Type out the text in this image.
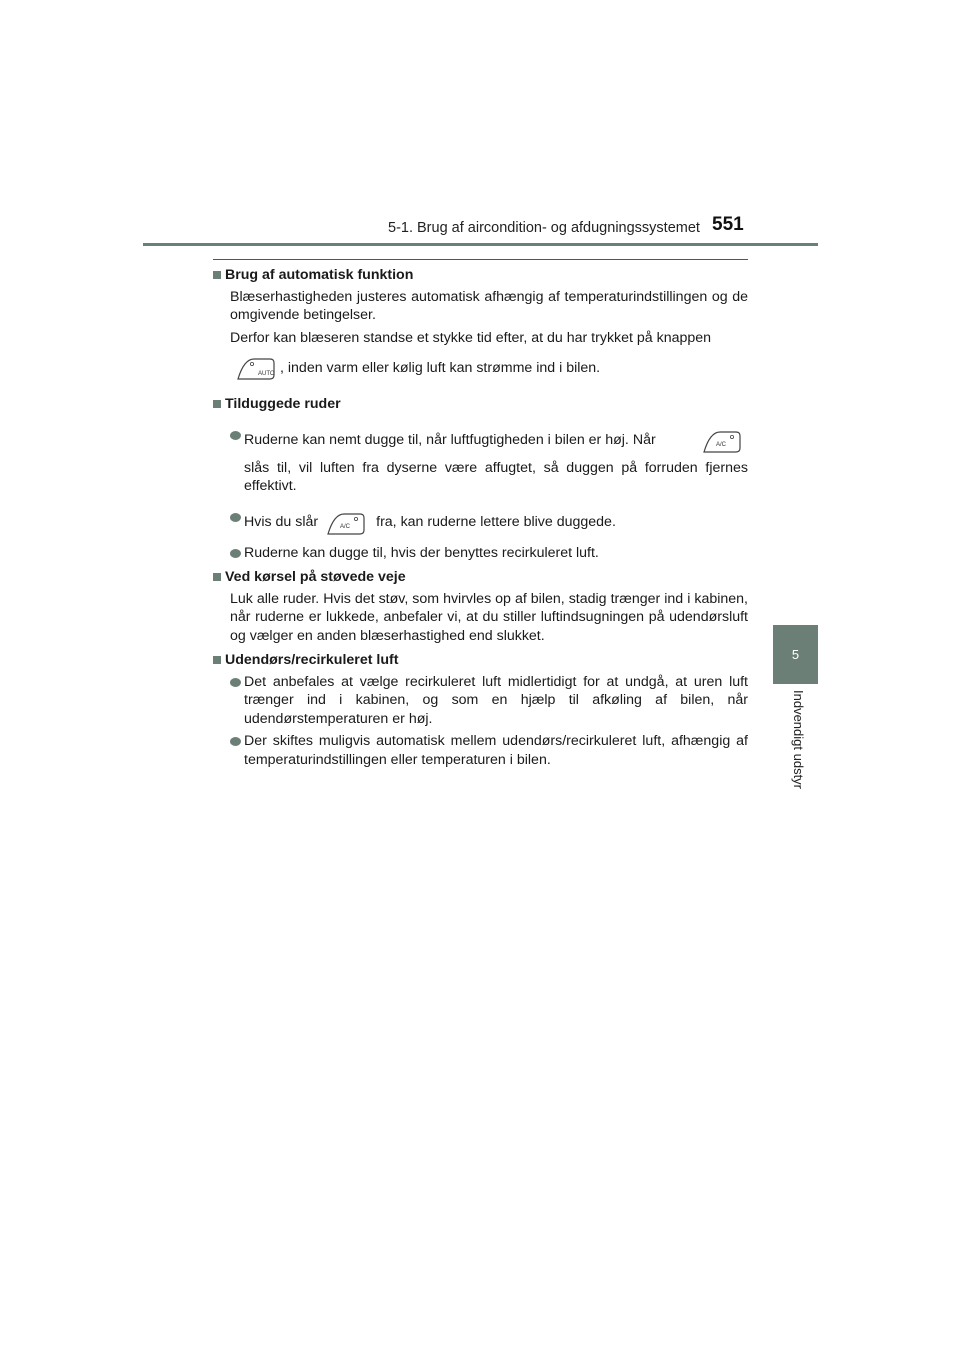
5-1. Brug af aircondition- og afdugningssystemet 551
5
Indvendigt udstyr
Brug af automatisk funktion

Blæserhastigheden justeres automatisk afhængig af temperaturindstillingen og de omgivende betingelser.

Derfor kan blæseren standse et stykke tid efter, at du har trykket på knappen

AUTO , inden varm eller kølig luft kan strømme ind i bilen.
Tilduggede ruder
Ruderne kan nemt dugge til, når luftfugtigheden i bilen er høj. Når	A/C
slås til, vil luften fra dyserne være affugtet, så duggen på forruden fjernes effektivt.
Hvis du slår	A/C fra, kan ruderne lettere blive duggede.
Ruderne kan dugge til, hvis der benyttes recirkuleret luft.
Ved kørsel på støvede veje

Luk alle ruder. Hvis det støv, som hvirvles op af bilen, stadig trænger ind i kabinen, når ruderne er lukkede, anbefaler vi, at du stiller luftindsugningen på udendørsluft og vælger en anden blæserhastighed end slukket.

Udendørs/recirkuleret luft
Det anbefales at vælge recirkuleret luft midlertidigt for at undgå, at uren luft trænger ind i kabinen, og som en hjælp til afkøling af bilen, når udendørstemperaturen er høj.
Der skiftes muligvis automatisk mellem udendørs/recirkuleret luft, afhængig af temperaturindstillingen eller temperaturen i bilen.
